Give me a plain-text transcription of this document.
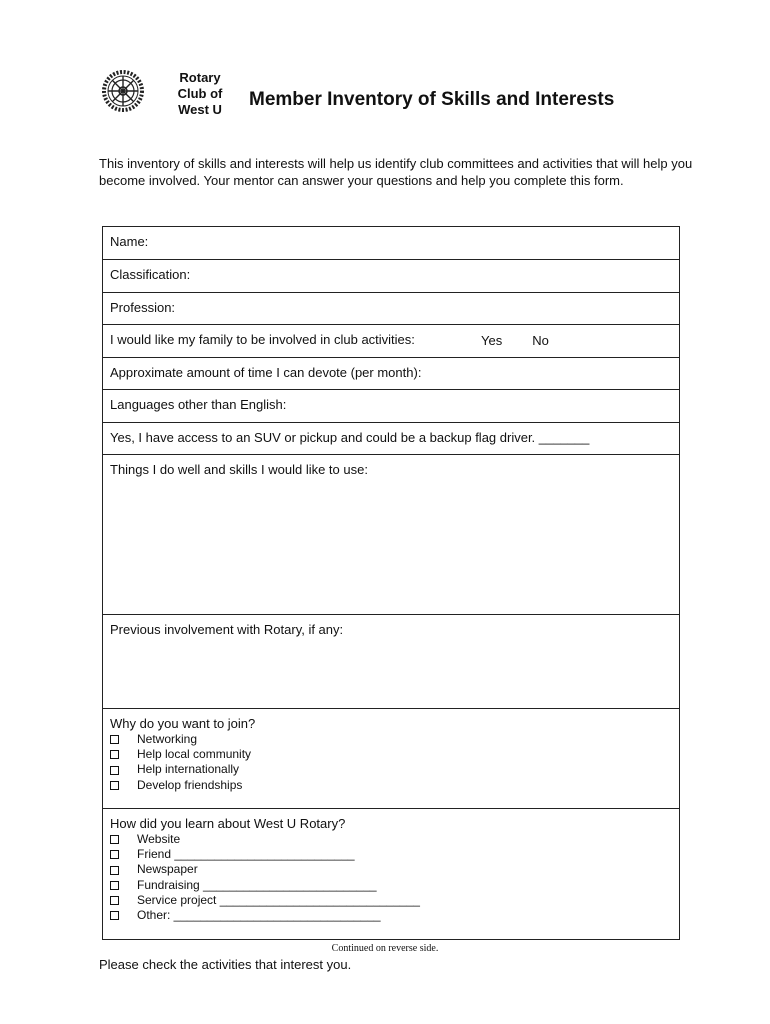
Rotary
Club of
West U	Member Inventory of Skills and Interests

This inventory of skills and interests will help us identify club committees and activities that will help you become involved. Your mentor can answer your questions and help you complete this form.

Name:
Classification:
Profession:
I would like my family to be involved in club activities:	Yes No
Approximate amount of time I can devote (per month):
Languages other than English:
Yes, I have access to an SUV or pickup and could be a backup flag driver. _______
Things I do well and skills I would like to use:
Previous involvement with Rotary, if any:
Why do you want to join?
Networking
Help local community
Help internationally
Develop friendships
How did you learn about West U Rotary?
Website
Friend ___________________________
Newspaper
Fundraising __________________________
Service project ______________________________
Other: _______________________________
Continued on reverse side.
Please check the activities that interest you.
